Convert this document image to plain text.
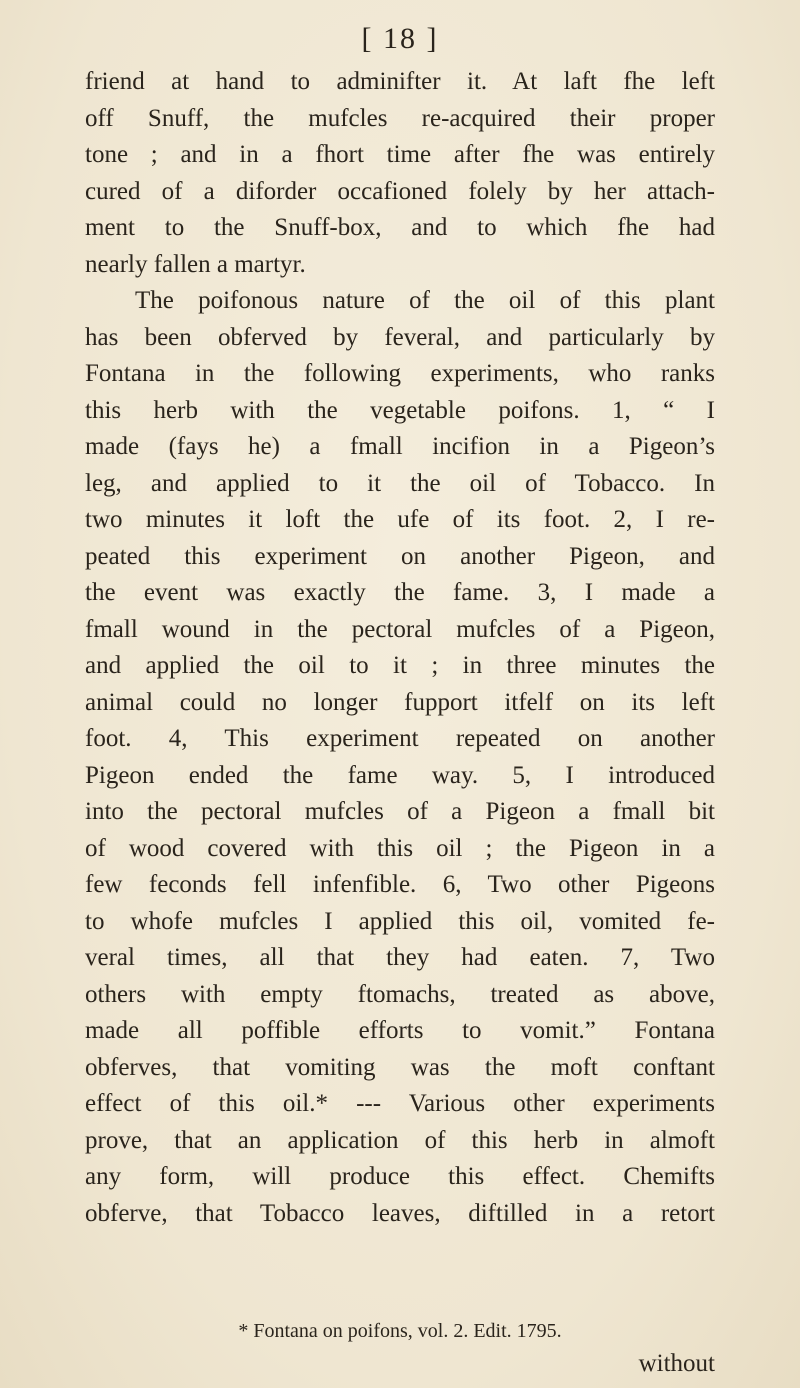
[ 18 ]
friend at hand to adminifter it. At laft fhe left
off Snuff, the mufcles re-acquired their proper
tone ; and in a fhort time after fhe was entirely
cured of a diforder occafioned folely by her attach-
ment to the Snuff-box, and to which fhe had
nearly fallen a martyr.
The poifonous nature of the oil of this plant
has been obferved by feveral, and particularly by
Fontana in the following experiments, who ranks
this herb with the vegetable poifons. 1, “ I
made (fays he) a fmall incifion in a Pigeon’s
leg, and applied to it the oil of Tobacco. In
two minutes it loft the ufe of its foot. 2, I re-
peated this experiment on another Pigeon, and
the event was exactly the fame. 3, I made a
fmall wound in the pectoral mufcles of a Pigeon,
and applied the oil to it ; in three minutes the
animal could no longer fupport itfelf on its left
foot. 4, This experiment repeated on another
Pigeon ended the fame way. 5, I introduced
into the pectoral mufcles of a Pigeon a fmall bit
of wood covered with this oil ; the Pigeon in a
few feconds fell infenfible. 6, Two other Pigeons
to whofe mufcles I applied this oil, vomited fe-
veral times, all that they had eaten. 7, Two
others with empty ftomachs, treated as above,
made all poffible efforts to vomit.” Fontana
obferves, that vomiting was the moft conftant
effect of this oil.* --- Various other experiments
prove, that an application of this herb in almoft
any form, will produce this effect. Chemifts
obferve, that Tobacco leaves, diftilled in a retort
* Fontana on poifons, vol. 2. Edit. 1795.
without
